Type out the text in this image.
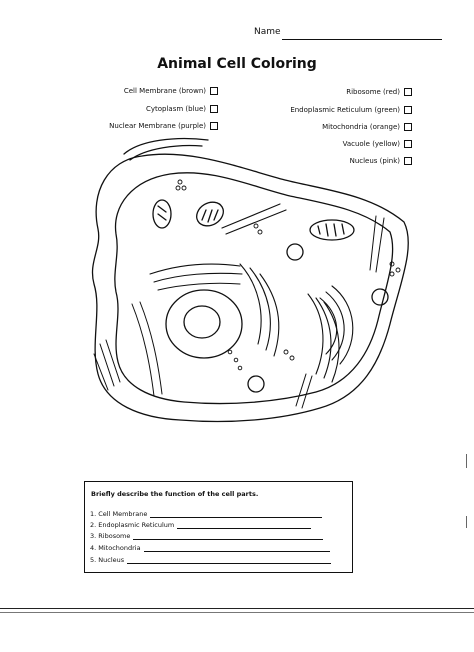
Name
Animal Cell Coloring
Cell Membrane (brown)
Cytoplasm (blue)
Nuclear Membrane (purple)
Ribosome (red)
Endoplasmic Reticulum (green)
Mitochondria (orange)
Vacuole (yellow)
Nucleus (pink)
Briefly describe the function of the cell parts.
1. Cell Membrane
2. Endoplasmic Reticulum
3. Ribosome
4. Mitochondria
5. Nucleus
